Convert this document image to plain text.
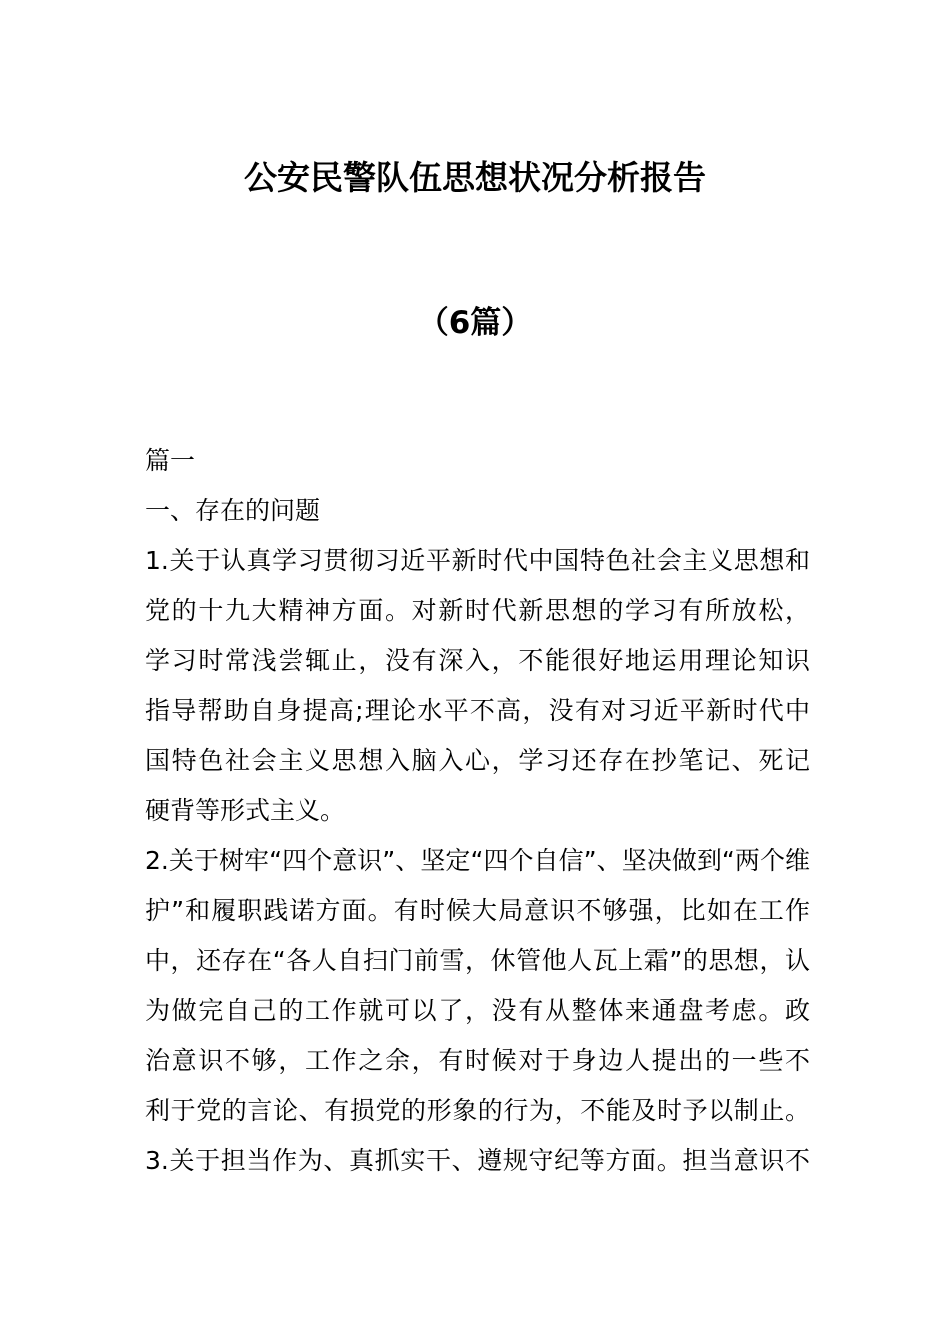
公安民警队伍思想状况分析报告
（6篇）
篇一
一、存在的问题
1.关于认真学习贯彻习近平新时代中国特色社会主义思想和
党的十九大精神方面。对新时代新思想的学习有所放松，
学习时常浅尝辄止，没有深入，不能很好地运用理论知识
指导帮助自身提高;理论水平不高，没有对习近平新时代中
国特色社会主义思想入脑入心，学习还存在抄笔记、死记
硬背等形式主义。
2.关于树牢“四个意识”、坚定“四个自信”、坚决做到“两个维
护”和履职践诺方面。有时候大局意识不够强，比如在工作
中，还存在“各人自扫门前雪，休管他人瓦上霜”的思想，认
为做完自己的工作就可以了，没有从整体来通盘考虑。政
治意识不够，工作之余，有时候对于身边人提出的一些不
利于党的言论、有损党的形象的行为，不能及时予以制止。
3.关于担当作为、真抓实干、遵规守纪等方面。担当意识不
